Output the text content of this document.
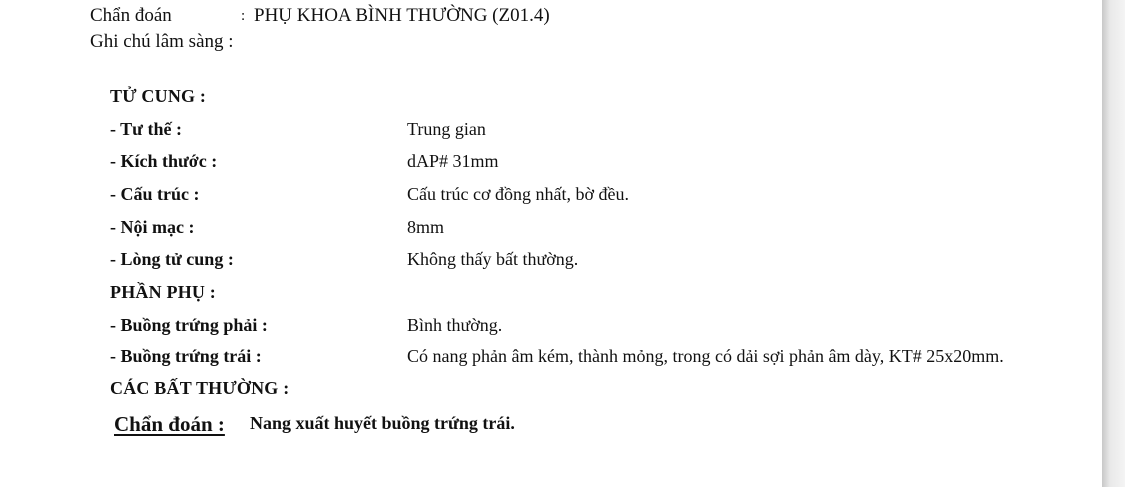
Chẩn đoán	: PHỤ KHOA BÌNH THƯỜNG (Z01.4)
Ghi chú lâm sàng :
TỬ CUNG :
- Tư thế :	Trung gian
- Kích thước :	dAP# 31mm
- Cấu trúc :	Cấu trúc cơ đồng nhất, bờ đều.
- Nội mạc :	8mm
- Lòng tử cung :	Không thấy bất thường.
PHẦN PHỤ :
- Buồng trứng phải :	Bình thường.
- Buồng trứng trái :	Có nang phản âm kém, thành mỏng, trong có dải sợi phản âm dày, KT# 25x20mm.
CÁC BẤT THƯỜNG :
Chẩn đoán : Nang xuất huyết buồng trứng trái.
